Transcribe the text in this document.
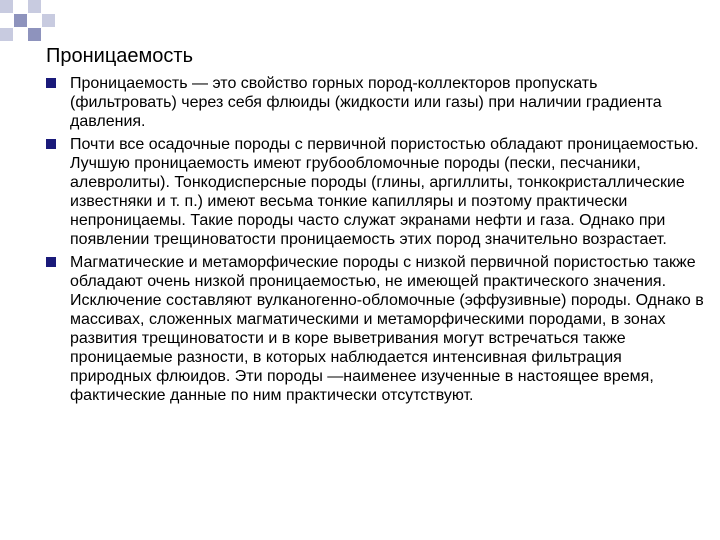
Проницаемость
Проницаемость — это свойство горных пород-коллекторов пропускать (фильтровать) через себя флюиды (жидкости или газы) при наличии градиента давления.
Почти все осадочные породы с первичной пористостью обладают проницаемостью. Лучшую проницаемость имеют грубообломочные породы (пески, песчаники, алевролиты). Тонкодисперсные породы (глины, аргиллиты, тонкокристаллические известняки и т. п.) имеют весьма тонкие капилляры и поэтому практически непроницаемы. Такие породы часто служат экранами нефти и газа. Однако при появлении трещиноватости проницаемость этих пород значительно возрастает.
Магматические и метаморфические породы с низкой первичной пористостью также обладают очень низкой проницаемостью, не имеющей практического значения. Исключение составляют вулканогенно-обломочные (эффузивные) породы. Однако в массивах, сложенных магматическими и метаморфическими породами, в зонах развития трещиноватости и в коре выветривания могут встречаться также проницаемые разности, в которых наблюдается интенсивная фильтрация природных флюидов. Эти породы —наименее изученные в настоящее время, фактические данные по ним практически отсутствуют.
